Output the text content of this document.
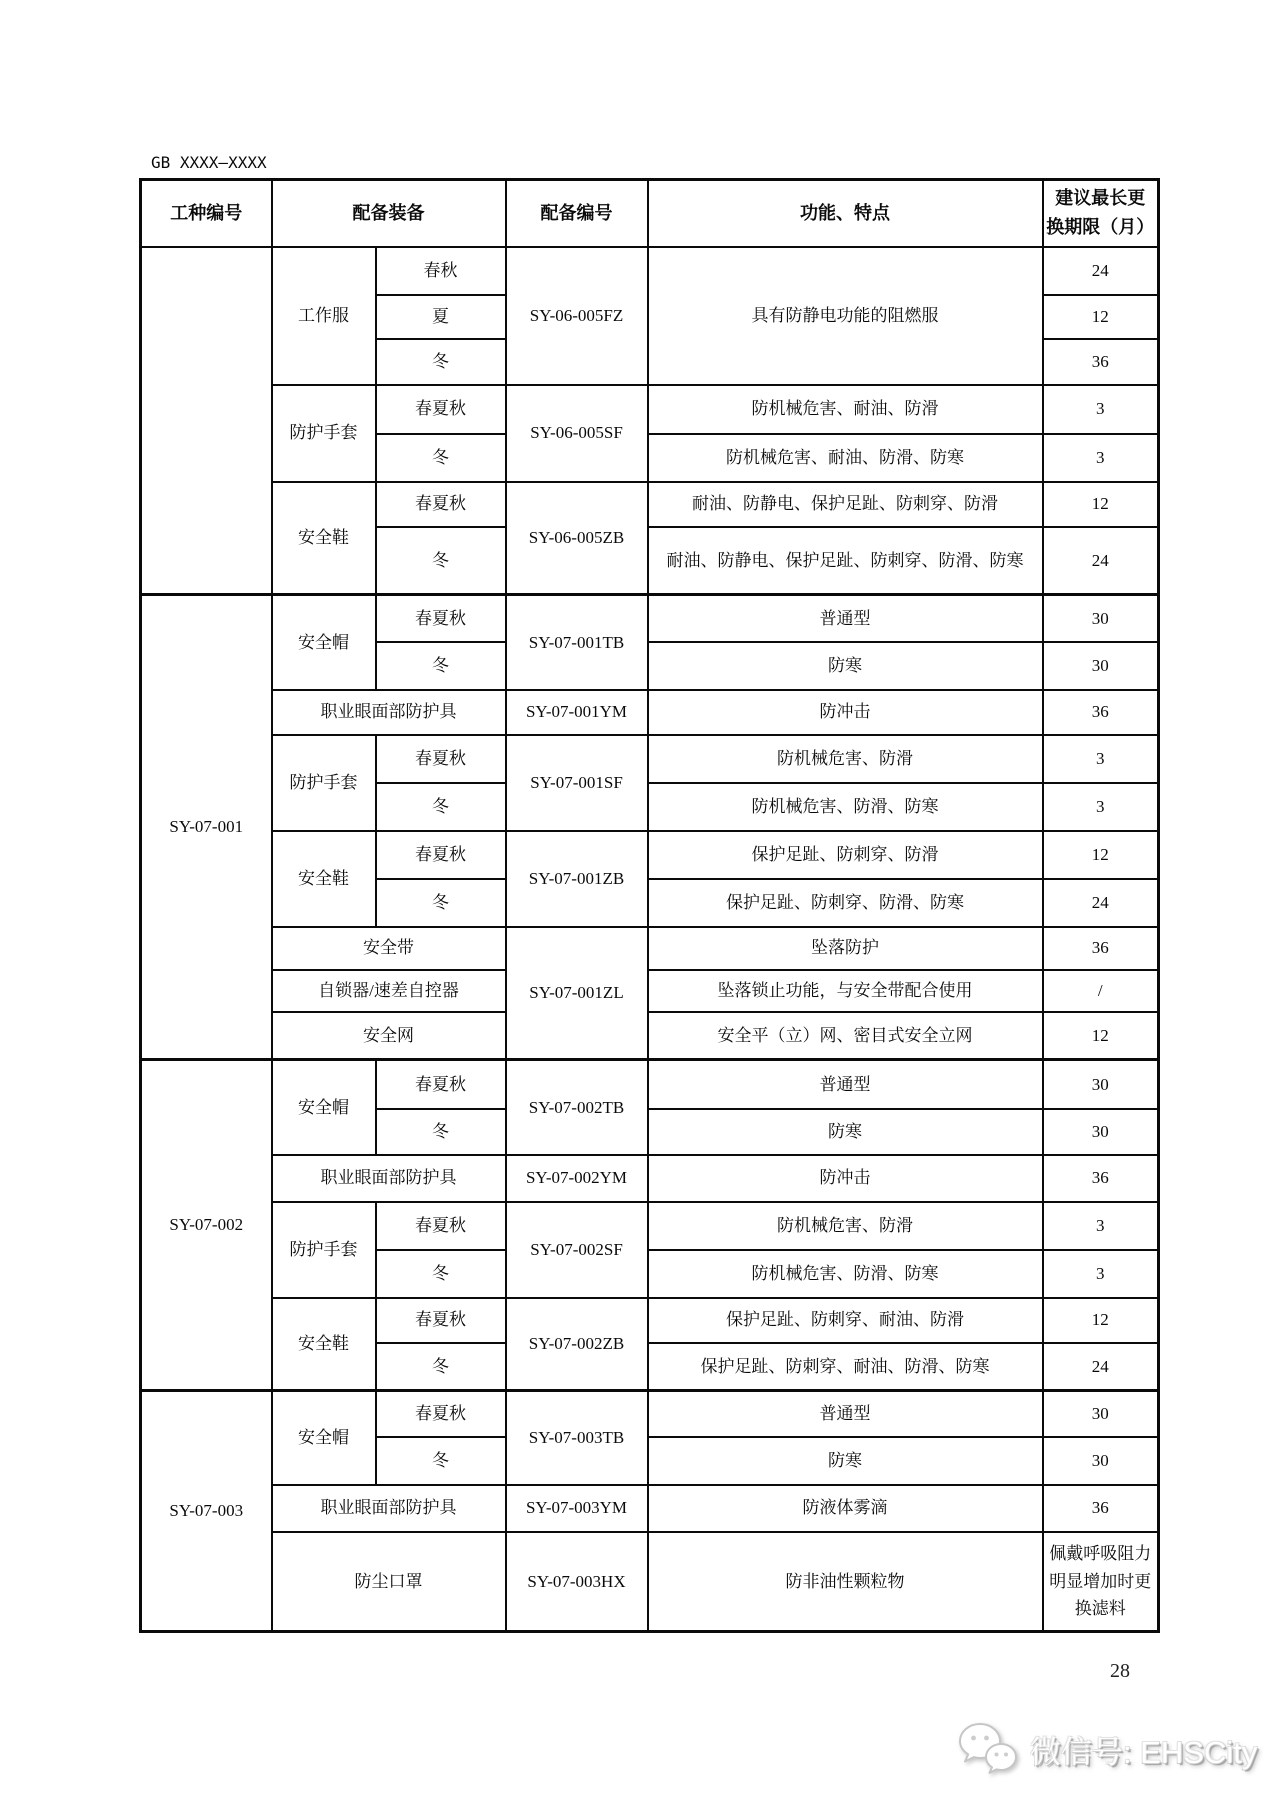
GB XXXX—XXXX
工种编号	配备装备		配备编号	功能、特点	建议最长更
换期限（月）

	工作服	春秋	SY-06-005FZ	具有防静电功能的阻燃服	24
		夏			12
		冬			36
	防护手套	春夏秋	SY-06-005SF	防机械危害、耐油、防滑	3
		冬		防机械危害、耐油、防滑、防寒	3
	安全鞋	春夏秋	SY-06-005ZB	耐油、防静电、保护足趾、防刺穿、防滑	12
		冬		耐油、防静电、保护足趾、防刺穿、防滑、防寒	24
SY-07-001	安全帽	春夏秋	SY-07-001TB	普通型	30
		冬		防寒	30
	职业眼面部防护具		SY-07-001YM	防冲击	36
	防护手套	春夏秋	SY-07-001SF	防机械危害、防滑	3
		冬		防机械危害、防滑、防寒	3
	安全鞋	春夏秋	SY-07-001ZB	保护足趾、防刺穿、防滑	12
		冬		保护足趾、防刺穿、防滑、防寒	24
	安全带		SY-07-001ZL	坠落防护	36
	自锁器/速差自控器			坠落锁止功能，与安全带配合使用	/
	安全网			安全平（立）网、密目式安全立网	12
SY-07-002	安全帽	春夏秋	SY-07-002TB	普通型	30
		冬		防寒	30
	职业眼面部防护具		SY-07-002YM	防冲击	36
	防护手套	春夏秋	SY-07-002SF	防机械危害、防滑	3
		冬		防机械危害、防滑、防寒	3
	安全鞋	春夏秋	SY-07-002ZB	保护足趾、防刺穿、耐油、防滑	12
		冬		保护足趾、防刺穿、耐油、防滑、防寒	24
SY-07-003	安全帽	春夏秋	SY-07-003TB	普通型	30
		冬		防寒	30
	职业眼面部防护具		SY-07-003YM	防液体雾滴	36
	防尘口罩		SY-07-003HX	防非油性颗粒物	佩戴呼吸阻力明显增加时更换滤料
28
微信号: EHSCity
